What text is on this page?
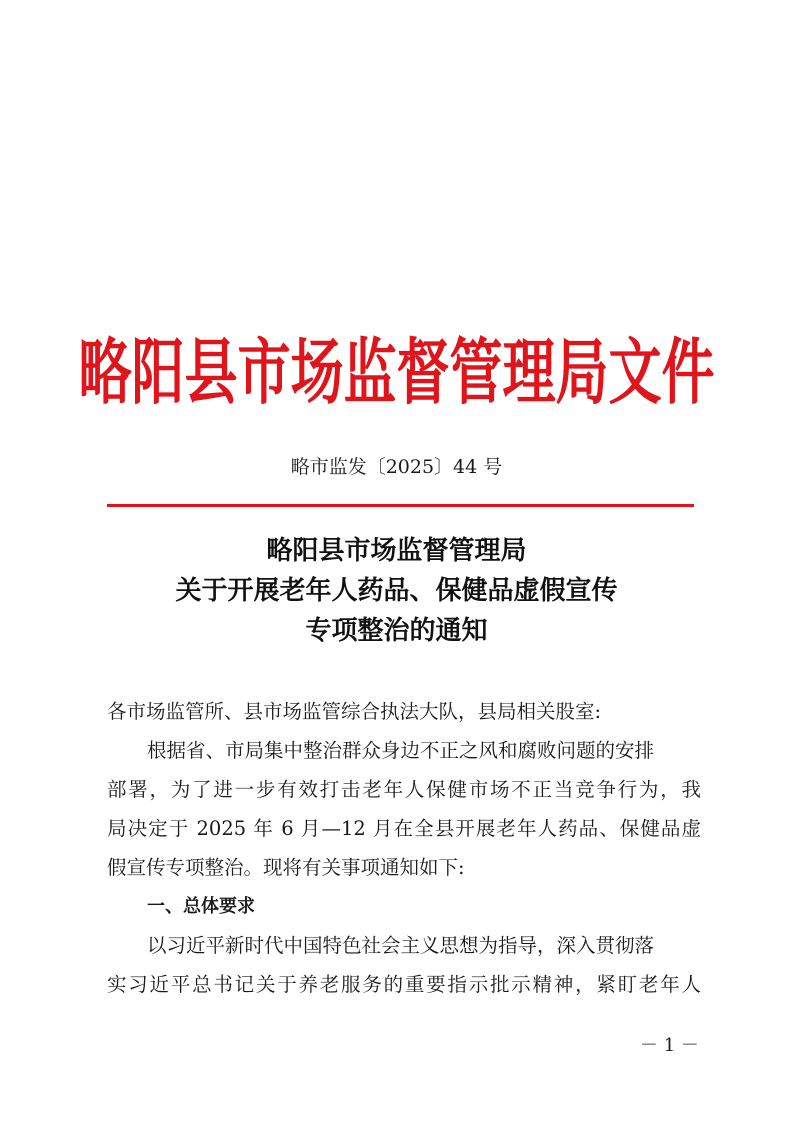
略阳县市场监督管理局文件
略市监发〔2025〕44 号
略阳县市场监督管理局
关于开展老年人药品、保健品虚假宣传
专项整治的通知
各市场监管所、县市场监管综合执法大队，县局相关股室:
根据省、市局集中整治群众身边不正之风和腐败问题的安排
部署，为了进一步有效打击老年人保健市场不正当竞争行为，我
局决定于 2025 年 6 月—12 月在全县开展老年人药品、保健品虚
假宣传专项整治。现将有关事项通知如下:
一、总体要求
以习近平新时代中国特色社会主义思想为指导，深入贯彻落
实习近平总书记关于养老服务的重要指示批示精神，紧盯老年人
－ 1 －
